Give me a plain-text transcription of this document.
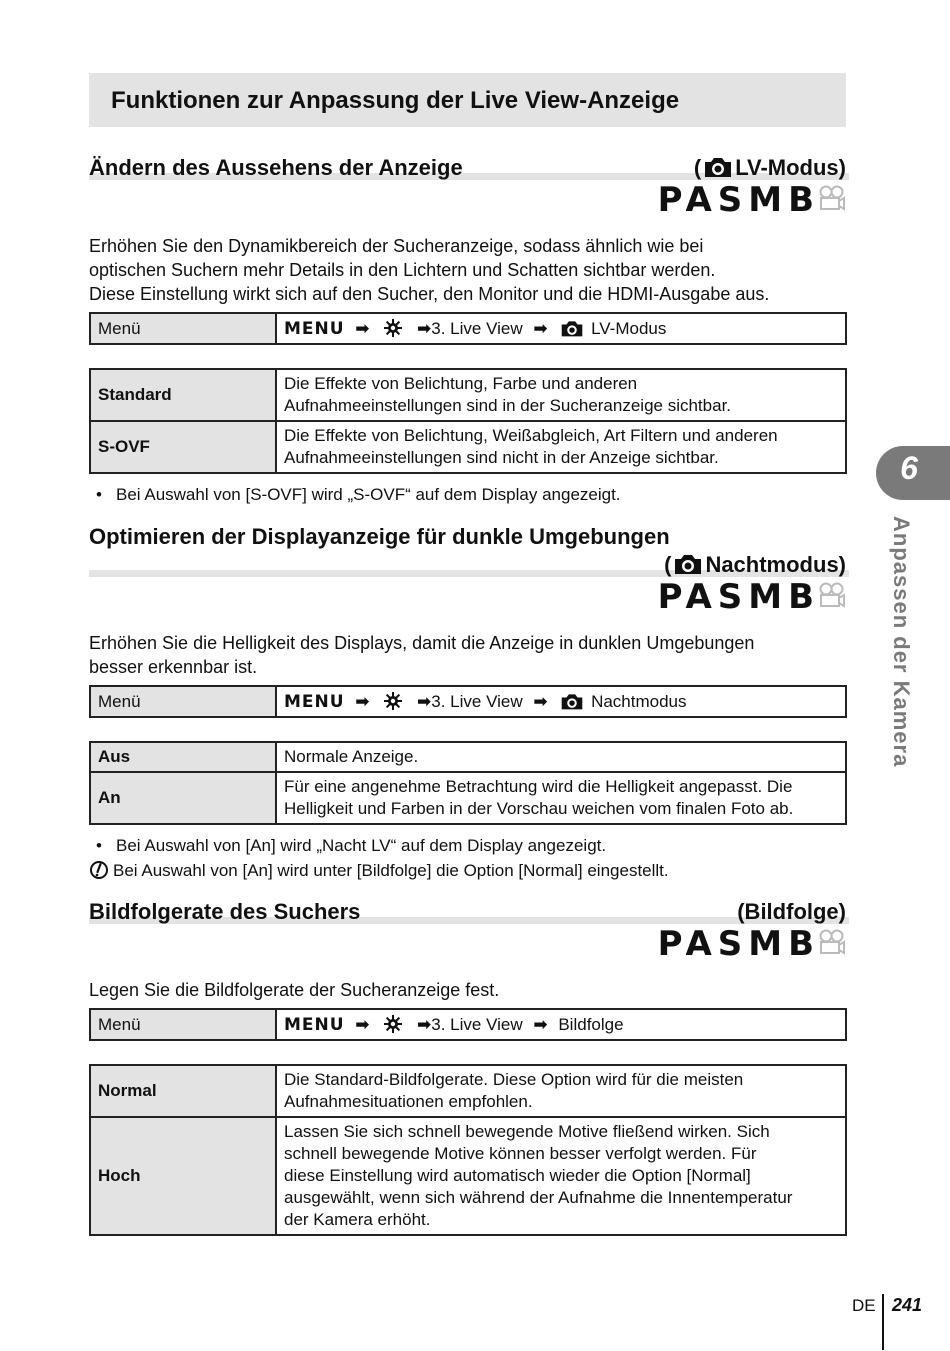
Funktionen zur Anpassung der Live View-Anzeige
Ändern des Aussehens der Anzeige	( LV-Modus)
PASMB

Erhöhen Sie den Dynamikbereich der Sucheranzeige, sodass ähnlich wie bei

optischen Suchern mehr Details in den Lichtern und Schatten sichtbar werden.

Diese Einstellung wirkt sich auf den Sucher, den Monitor und die HDMI-Ausgabe aus.

Menü	MENU ➡	➡3. Live View ➡	LV-Modus
Standard	Die Effekte von Belichtung, Farbe und anderen
Aufnahmeeinstellungen sind in der Sucheranzeige sichtbar.

S-OVF	Die Effekte von Belichtung, Weißabgleich, Art Filtern und anderen
Aufnahmeeinstellungen sind nicht in der Anzeige sichtbar.
• Bei Auswahl von [S-OVF] wird „S-OVF“ auf dem Display angezeigt.
Optimieren der Displayanzeige für dunkle Umgebungen
( Nachtmodus)
PASMB

Erhöhen Sie die Helligkeit des Displays, damit die Anzeige in dunklen Umgebungen

besser erkennbar ist.

Menü	MENU ➡	➡3. Live View ➡	Nachtmodus
Aus	Normale Anzeige.

An	Für eine angenehme Betrachtung wird die Helligkeit angepasst. Die
Helligkeit und Farben in der Vorschau weichen vom finalen Foto ab.
• Bei Auswahl von [An] wird „Nacht LV“ auf dem Display angezeigt.
Bei Auswahl von [An] wird unter [Bildfolge] die Option [Normal] eingestellt.
Bildfolgerate des Suchers	(Bildfolge)
PASMB

Legen Sie die Bildfolgerate der Sucheranzeige fest.

Menü	MENU ➡	➡3. Live View ➡ Bildfolge
Normal	Die Standard-Bildfolgerate. Diese Option wird für die meisten
Aufnahmesituationen empfohlen.

Hoch	Lassen Sie sich schnell bewegende Motive fließend wirken. Sich
schnell bewegende Motive können besser verfolgt werden. Für
diese Einstellung wird automatisch wieder die Option [Normal]
ausgewählt, wenn sich während der Aufnahme die Innentemperatur
der Kamera erhöht.
6
Anpassen der Kamera
DE 241
